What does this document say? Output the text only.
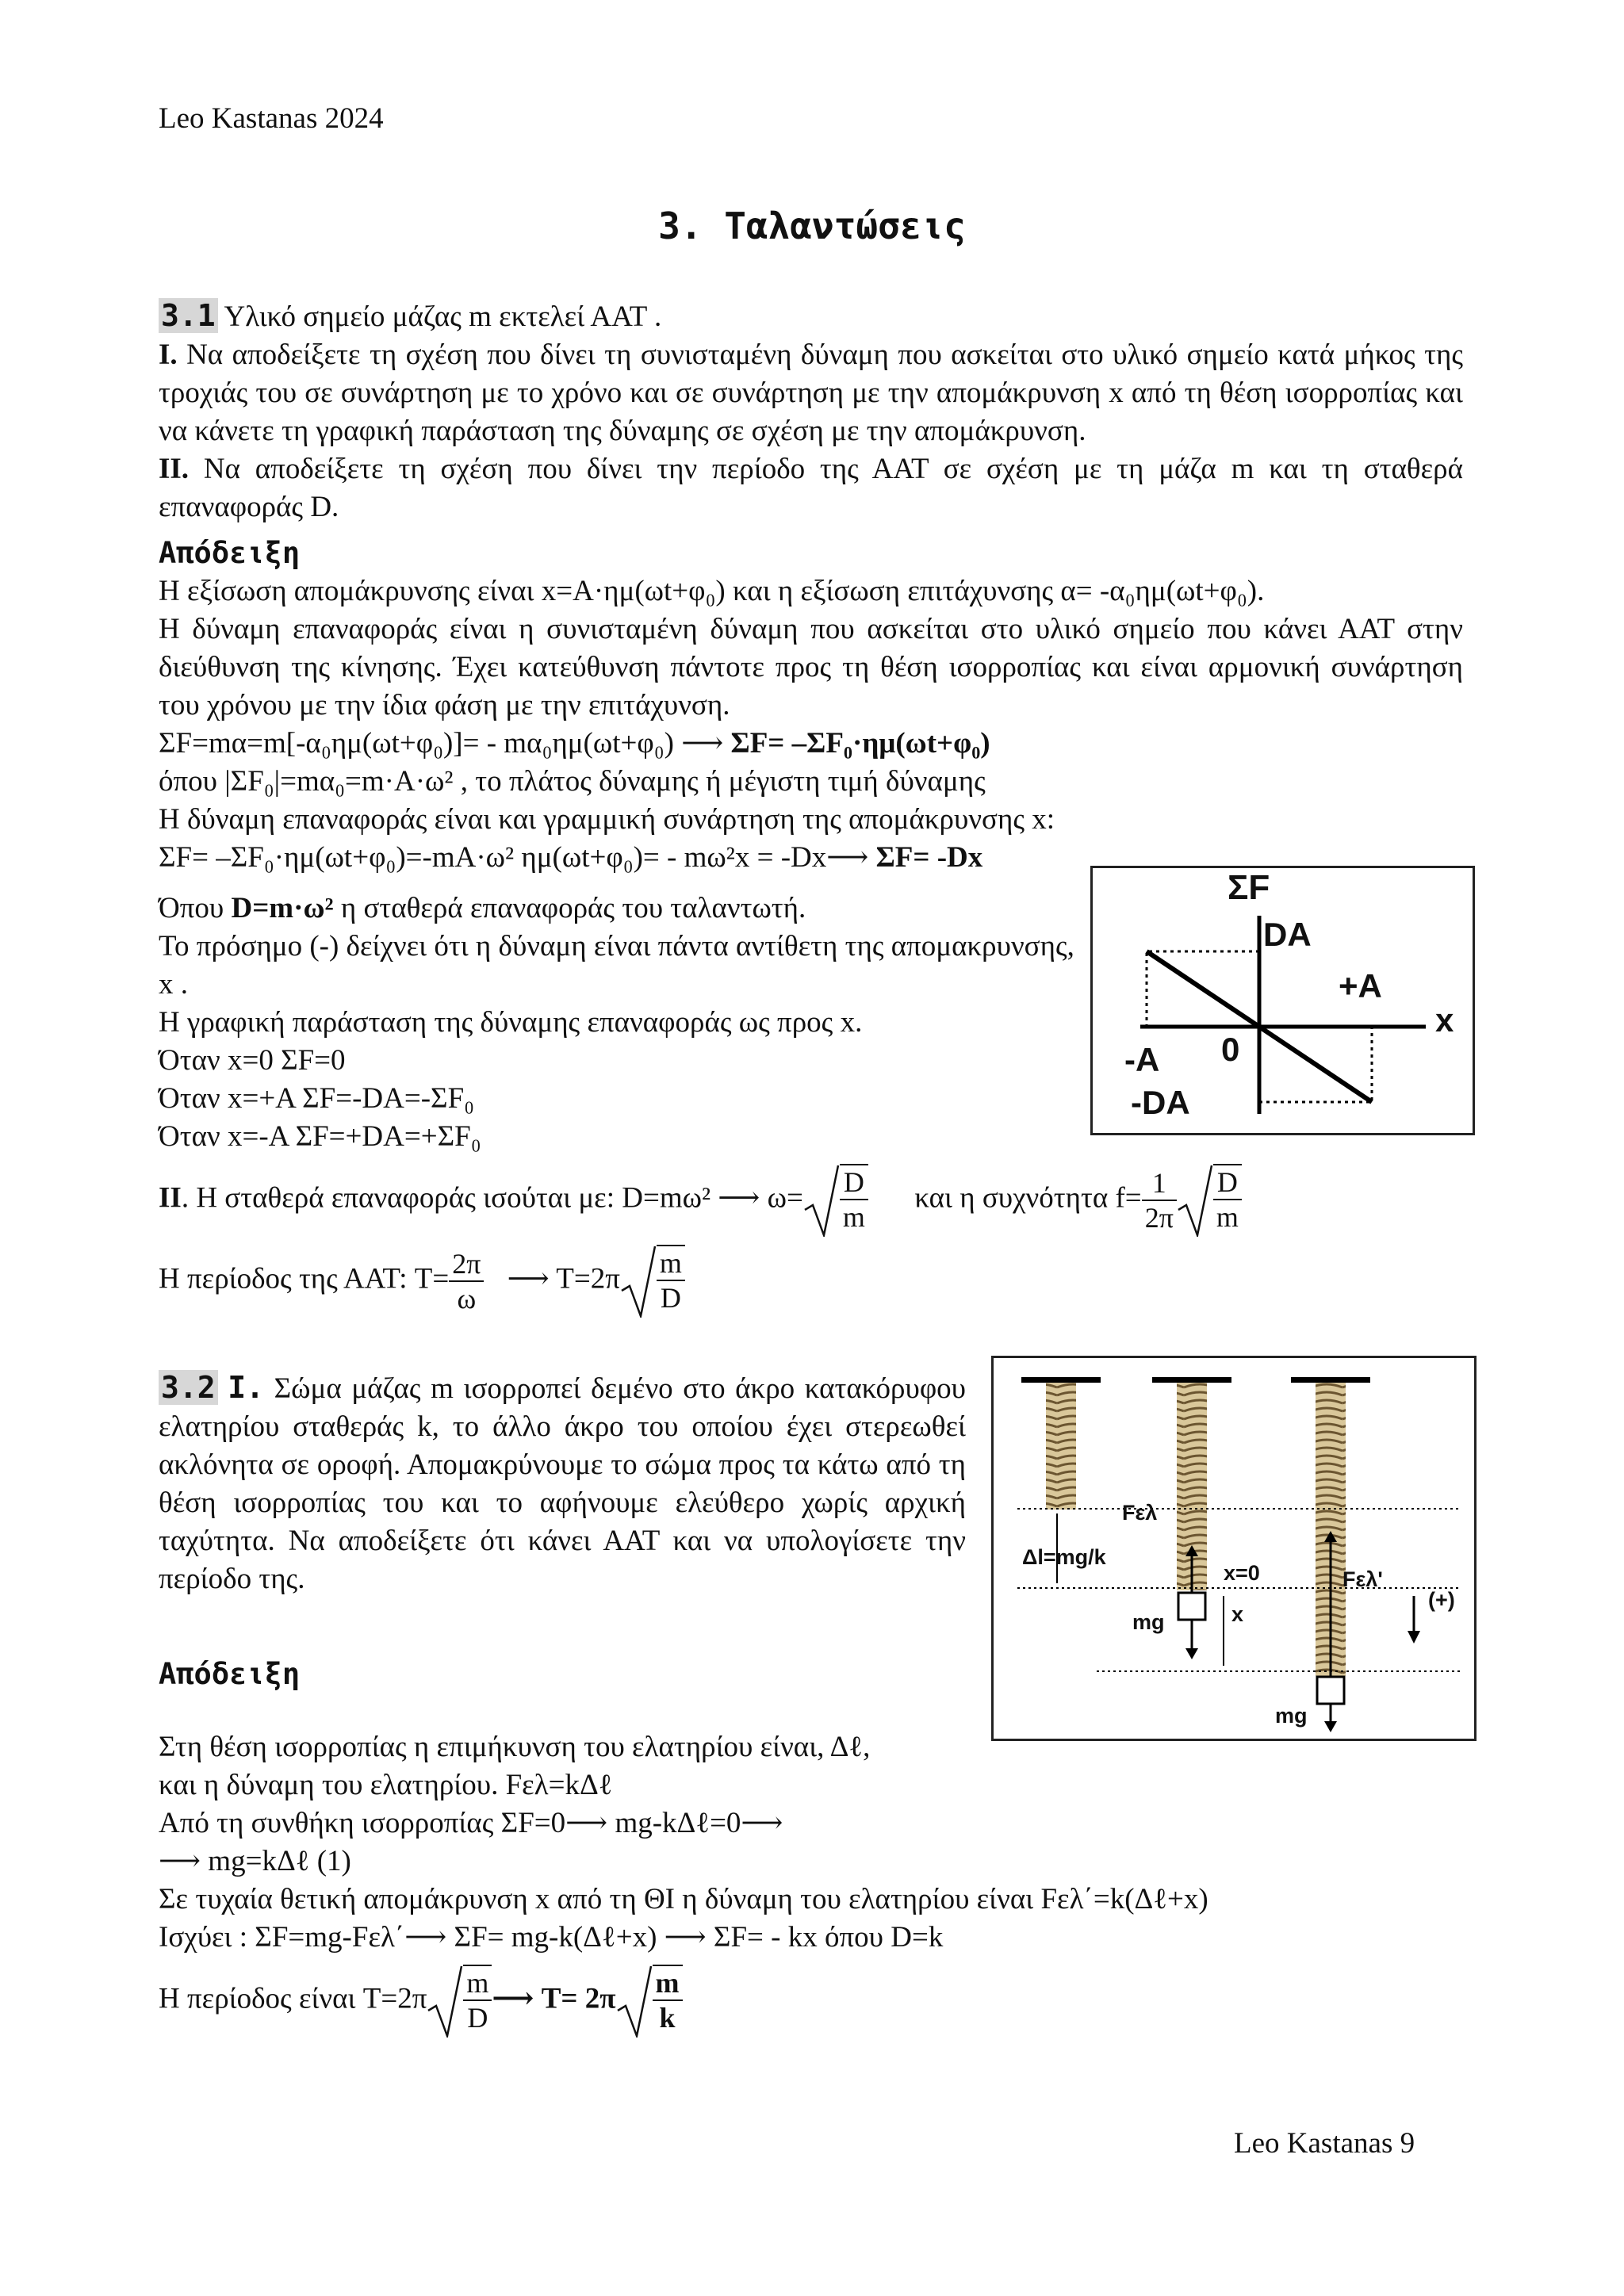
Leo Kastanas 2024
3. Ταλαντώσεις
3.1 Υλικό σημείο μάζας m εκτελεί ΑΑΤ .
Ι. Να αποδείξετε τη σχέση που δίνει τη συνισταμένη δύναμη που ασκείται στο υλικό σημείο κατά μήκος της τροχιάς του σε συνάρτηση με το χρόνο και σε συνάρτηση με την απομάκρυνση x από τη θέση ισορροπίας και να κάνετε τη γραφική παράσταση της δύναμης σε σχέση με την απομάκρυνση.
ΙΙ. Να αποδείξετε τη σχέση που δίνει την περίοδο της ΑΑΤ σε σχέση με τη μάζα m και τη σταθερά επαναφοράς D.
Απόδειξη
Η εξίσωση απομάκρυνσης είναι x=A·ημ(ωt+φ₀) και η εξίσωση επιτάχυνσης α= -α₀ημ(ωt+φ₀).
Η δύναμη επαναφοράς είναι η συνισταμένη δύναμη που ασκείται στο υλικό σημείο που κάνει ΑΑΤ στην διεύθυνση της κίνησης. Έχει κατεύθυνση πάντοτε προς τη θέση ισορροπίας και είναι αρμονική συνάρτηση του χρόνου με την ίδια φάση με την επιτάχυνση.
ΣF=mα=m[-α₀ημ(ωt+φ₀)]= - mα₀ημ(ωt+φ₀) ⟶ ΣF= –ΣF₀·ημ(ωt+φ₀)
όπου |ΣF₀|=mα₀=m·A·ω² , το πλάτος δύναμης ή μέγιστη τιμή δύναμης
Η δύναμη επαναφοράς είναι και γραμμική συνάρτηση της απομάκρυνσης x:
ΣF= –ΣF₀·ημ(ωt+φ₀)=-mA·ω² ημ(ωt+φ₀)= - mω²x = -Dx⟶ ΣF= -Dx
Όπου D=m·ω² η σταθερά επαναφοράς του ταλαντωτή.
Το πρόσημο (-) δείχνει ότι η δύναμη είναι πάντα αντίθετη της απομακρυνσης, x .
Η γραφική παράσταση της δύναμης επαναφοράς ως προς x.
Όταν x=0 ΣF=0
Όταν x=+A ΣF=-DA=-ΣF₀
Όταν x=-A ΣF=+DA=+ΣF₀
ΣF
DA
+A
x
-A 0
-DA
ΙΙ. Η σταθερά επαναφοράς ισούται με: D=mω² ⟶ $\omega= \frac{D}{m}$ και η συχνότητα $f= \frac{1}{2\pi} \frac{D}{m}$
Η περίοδος της ΑΑΤ: $T= \frac{2\pi}{\omega}$ ⟶ $T=2\pi \frac{m}{D}$
3.2 Ι. Σώμα μάζας m ισορροπεί δεμένο στο άκρο κατακόρυφου ελατηρίου σταθεράς k, το άλλο άκρο του οποίου έχει στερεωθεί ακλόνητα σε οροφή. Απομακρύνουμε το σώμα προς τα κάτω από τη θέση ισορροπίας του και το αφήνουμε ελεύθερο χωρίς αρχική ταχύτητα. Να αποδείξετε ότι κάνει ΑΑΤ και να υπολογίσετε την περίοδο της.
Απόδειξη
Στη θέση ισορροπίας η επιμήκυνση του ελατηρίου είναι, Δℓ,
και η δύναμη του ελατηρίου. Fελ=kΔℓ
Από τη συνθήκη ισορροπίας ΣF=0⟶ mg-kΔℓ=0⟶
⟶ mg=kΔℓ (1)
Σε τυχαία θετική απομάκρυνση x από τη ΘΙ η δύναμη του ελατηρίου είναι Fελ΄=k(Δℓ+x)
Ισχύει : ΣF=mg-Fελ΄⟶ ΣF= mg-k(Δℓ+x) ⟶ ΣF= - kx όπου D=k
Η περίοδος είναι $T=2\pi \frac{m}{D}$ ⟶ $T= 2\pi \frac{m}{k}$
Fελ
Δl=mg/k
x=0
mg	x
Fελ'
(+)
mg
Leo Kastanas 9
